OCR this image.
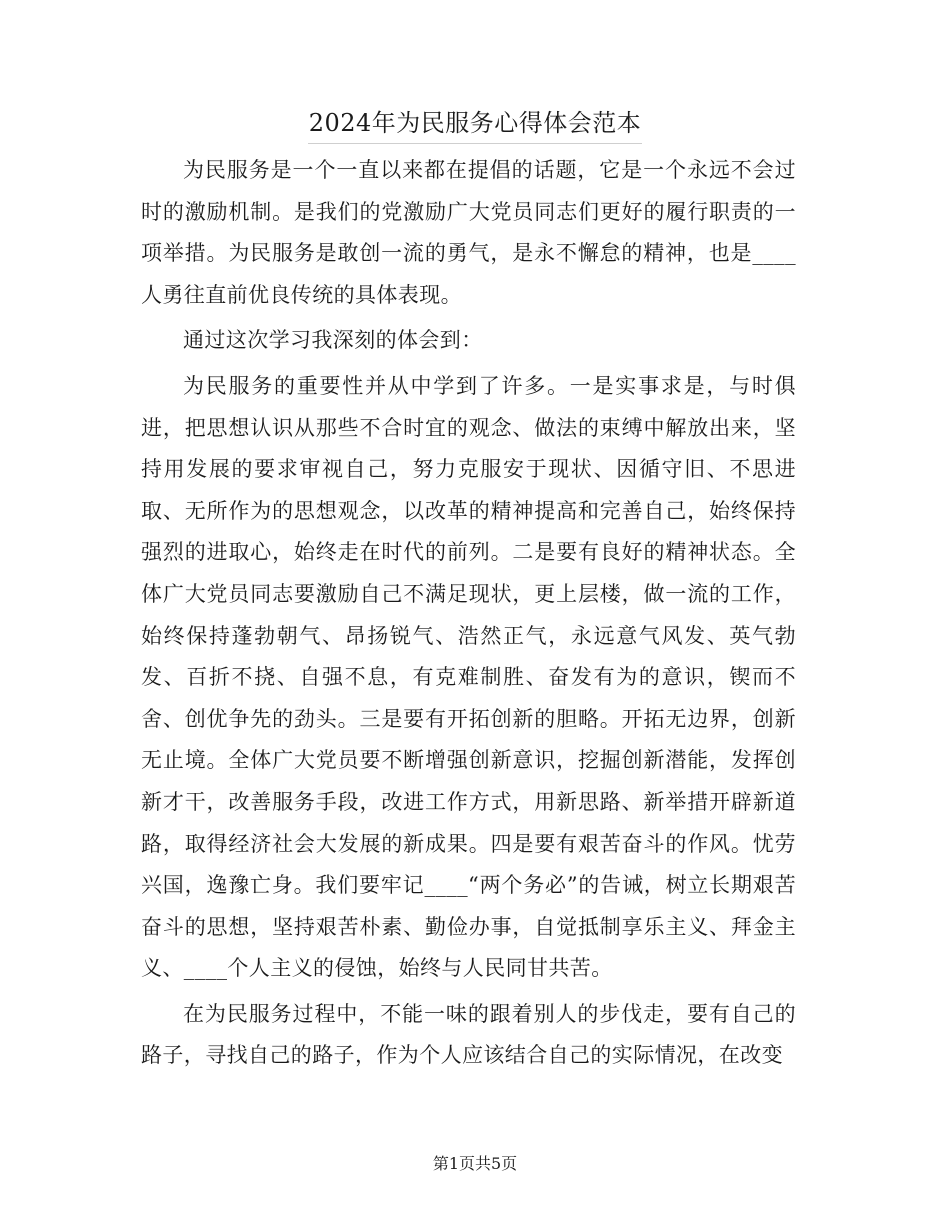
2024年为民服务心得体会范本

为民服务是一个一直以来都在提倡的话题，它是一个永远不会过时的激励机制。是我们的党激励广大党员同志们更好的履行职责的一项举措。为民服务是敢创一流的勇气，是永不懈怠的精神，也是____人勇往直前优良传统的具体表现。

通过这次学习我深刻的体会到：

为民服务的重要性并从中学到了许多。一是实事求是，与时俱进，把思想认识从那些不合时宜的观念、做法的束缚中解放出来，坚持用发展的要求审视自己，努力克服安于现状、因循守旧、不思进取、无所作为的思想观念，以改革的精神提高和完善自己，始终保持强烈的进取心，始终走在时代的前列。二是要有良好的精神状态。全体广大党员同志要激励自己不满足现状，更上层楼，做一流的工作，始终保持蓬勃朝气、昂扬锐气、浩然正气，永远意气风发、英气勃发、百折不挠、自强不息，有克难制胜、奋发有为的意识，锲而不舍、创优争先的劲头。三是要有开拓创新的胆略。开拓无边界，创新无止境。全体广大党员要不断增强创新意识，挖掘创新潜能，发挥创新才干，改善服务手段，改进工作方式，用新思路、新举措开辟新道路，取得经济社会大发展的新成果。四是要有艰苦奋斗的作风。忧劳兴国，逸豫亡身。我们要牢记____“两个务必”的告诫，树立长期艰苦奋斗的思想，坚持艰苦朴素、勤俭办事，自觉抵制享乐主义、拜金主义、____个人主义的侵蚀，始终与人民同甘共苦。

在为民服务过程中，不能一味的跟着别人的步伐走，要有自己的路子，寻找自己的路子，作为个人应该结合自己的实际情况，在改变

第1页共5页
